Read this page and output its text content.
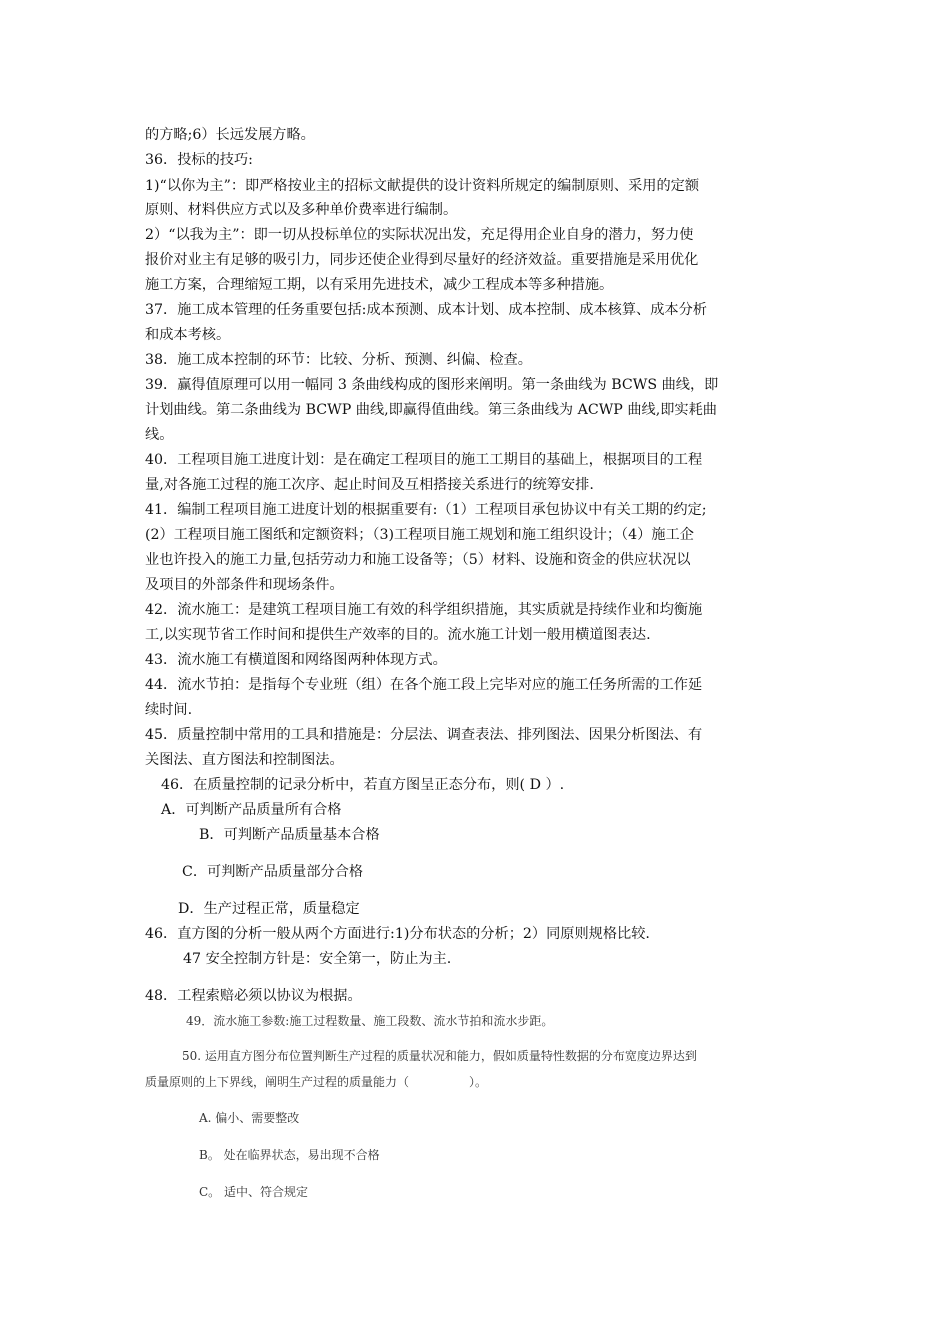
的方略;6）长远发展方略。
36．投标的技巧:
1)“以你为主”：即严格按业主的招标文献提供的设计资料所规定的编制原则、采用的定额
原则、材料供应方式以及多种单价费率进行编制。
2）“以我为主”：即一切从投标单位的实际状况出发，充足得用企业自身的潜力，努力使
报价对业主有足够的吸引力，同步还使企业得到尽量好的经济效益。重要措施是采用优化
施工方案，合理缩短工期，以有采用先进技术，减少工程成本等多种措施。
37．施工成本管理的任务重要包括:成本预测、成本计划、成本控制、成本核算、成本分析
和成本考核。
38．施工成本控制的环节：比较、分析、预测、纠偏、检查。
39．赢得值原理可以用一幅同 3 条曲线构成的图形来阐明。第一条曲线为 BCWS 曲线，即
计划曲线。第二条曲线为 BCWP 曲线,即赢得值曲线。第三条曲线为 ACWP 曲线,即实耗曲
线。
40．工程项目施工进度计划：是在确定工程项目的施工工期目的基础上，根据项目的工程
量,对各施工过程的施工次序、起止时间及互相搭接关系进行的统筹安排.
41．编制工程项目施工进度计划的根据重要有:（1）工程项目承包协议中有关工期的约定;
(2）工程项目施工图纸和定额资料；（3)工程项目施工规划和施工组织设计；（4）施工企
业也许投入的施工力量,包括劳动力和施工设备等；（5）材料、设施和资金的供应状况以
及项目的外部条件和现场条件。
42．流水施工：是建筑工程项目施工有效的科学组织措施，其实质就是持续作业和均衡施
工,以实现节省工作时间和提供生产效率的目的。流水施工计划一般用横道图表达.
43．流水施工有横道图和网络图两种体现方式。
44．流水节拍：是指每个专业班（组）在各个施工段上完毕对应的施工任务所需的工作延
续时间.
45．质量控制中常用的工具和措施是：分层法、调查表法、排列图法、因果分析图法、有
关图法、直方图法和控制图法。
46．在质量控制的记录分析中，若直方图呈正态分布，则( D ）.
A．可判断产品质量所有合格
B．可判断产品质量基本合格
C．可判断产品质量部分合格
D．生产过程正常，质量稳定
46．直方图的分析一般从两个方面进行:1)分布状态的分析；2）同原则规格比较.
47 安全控制方针是：安全第一，防止为主.
48．工程索赔必须以协议为根据。
49．流水施工参数:施工过程数量、施工段数、流水节拍和流水步距。
50. 运用直方图分布位置判断生产过程的质量状况和能力，假如质量特性数据的分布宽度边界达到
质量原则的上下界线，阐明生产过程的质量能力（　　　　　）。
A. 偏小、需要整改
B。 处在临界状态，易出现不合格
C。 适中、符合规定
